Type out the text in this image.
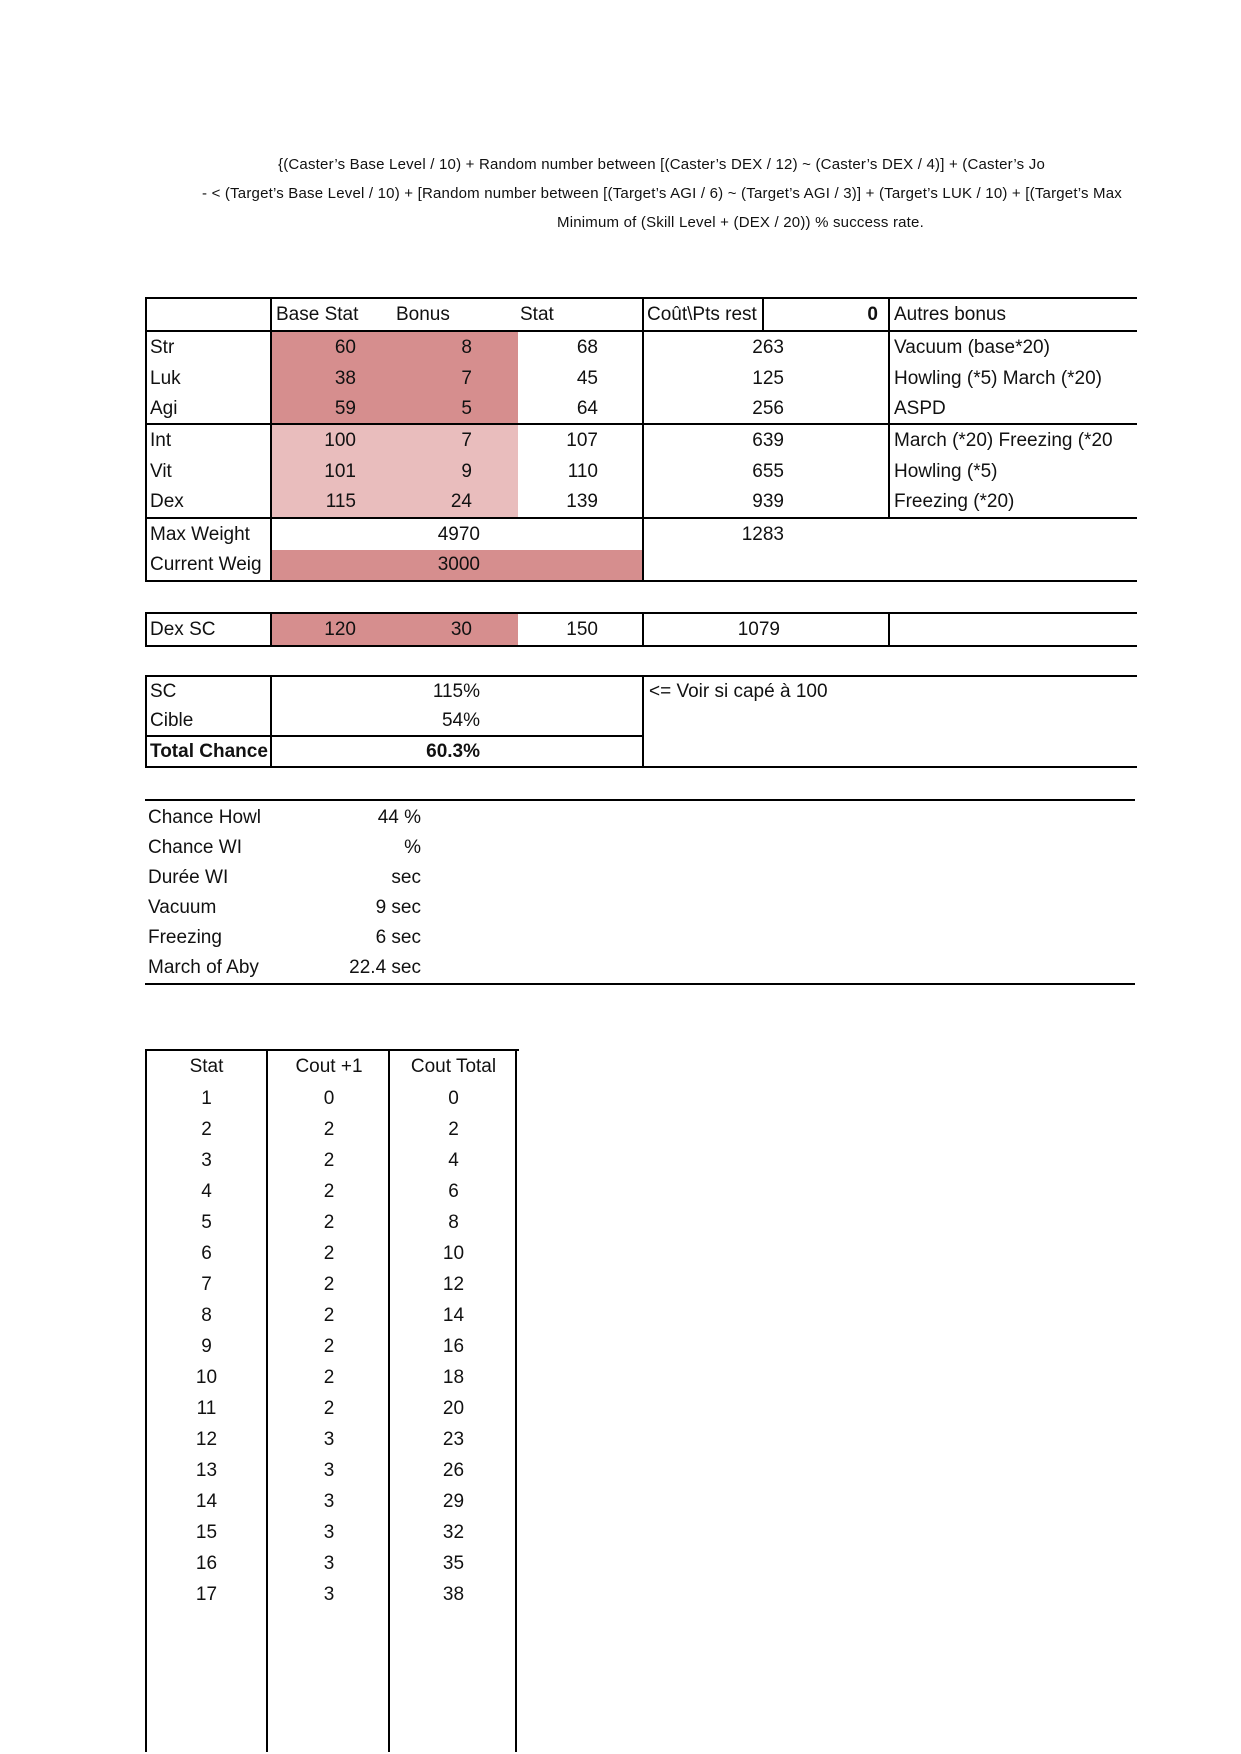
{(Caster’s Base Level / 10) + Random number between [(Caster’s DEX / 12) ~ (Caster’s DEX / 4)] + (Caster’s Jo
- < (Target’s Base Level / 10) + [Random number between [(Target’s AGI / 6) ~ (Target’s AGI / 3)] + (Target’s LUK / 10) + [(Target’s Max
Minimum of (Skill Level + (DEX / 20)) % success rate.
Base Stat	Bonus	Stat	Coût\Pts rest	0 Autres bonus
Str	60	8	68	263	Vacuum (base*20)
Luk	38	7	45	125	Howling (*5) March (*20)
Agi	59	5	64	256	ASPD
Int	100	7	107	639	March (*20) Freezing (*20
Vit	101	9	110	655	Howling (*5)
Dex	115	24	139	939	Freezing (*20)
Max Weight	4970	1283
Current Weig	3000
Dex SC	120	30	150	1079
SC	115%	<= Voir si capé à 100
Cible	54%
Total Chance	60.3%
Chance Howl	44 %
Chance WI	%
Durée WI	sec
Vacuum	9 sec
Freezing	6 sec
March of Aby	22.4 sec
Stat	Cout +1	Cout Total
1	0	0
2	2	2
3	2	4
4	2	6
5	2	8
6	2	10
7	2	12
8	2	14
9	2	16
10	2	18
11	2	20
12	3	23
13	3	26
14	3	29
15	3	32
16	3	35
17	3	38
